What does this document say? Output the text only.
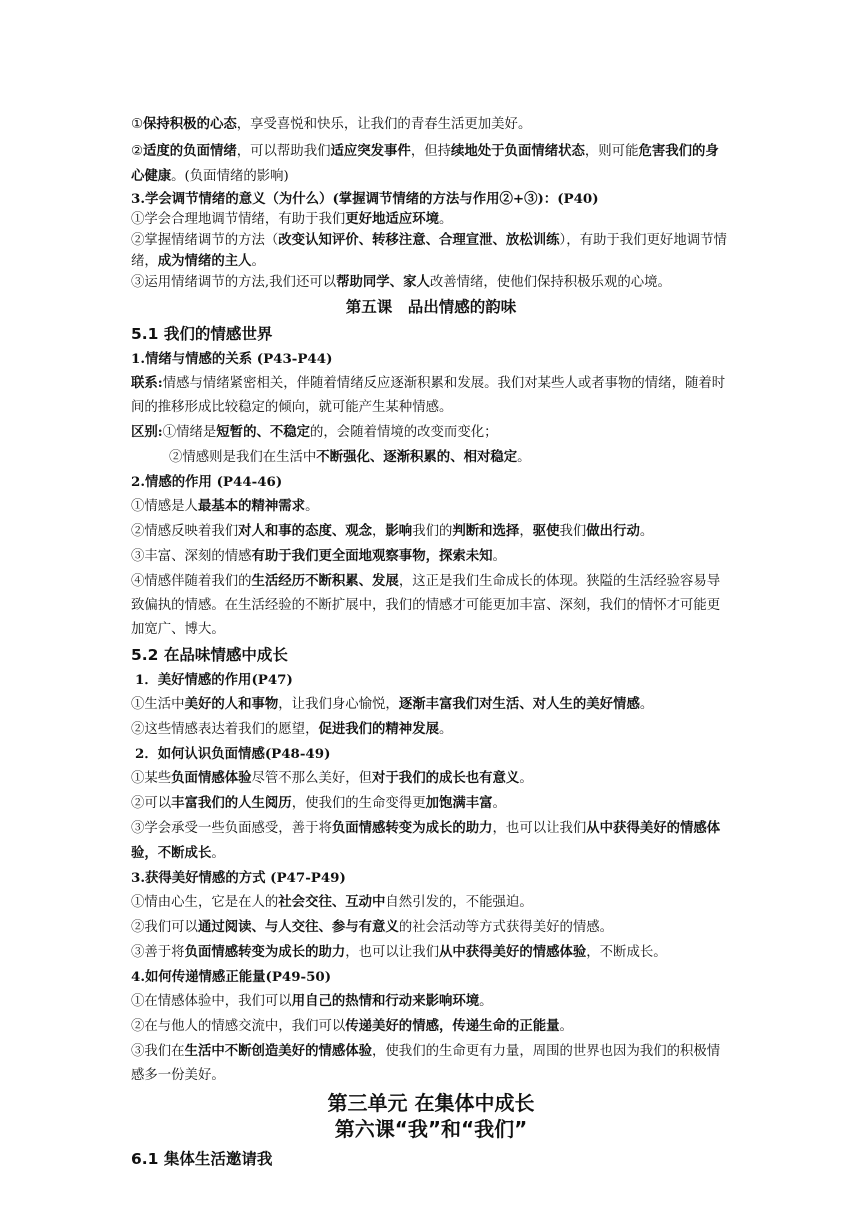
①保持积极的心态，享受喜悦和快乐，让我们的青春生活更加美好。

②适度的负面情绪，可以帮助我们适应突发事件，但持续地处于负面情绪状态，则可能危害我们的身心健康。(负面情绪的影响)

3.学会调节情绪的意义（为什么）(掌握调节情绪的方法与作用②+③)：(P40)

①学会合理地调节情绪，有助于我们更好地适应环境。

②掌握情绪调节的方法（改变认知评价、转移注意、合理宣泄、放松训练），有助于我们更好地调节情绪，成为情绪的主人。

③运用情绪调节的方法,我们还可以帮助同学、家人改善情绪，使他们保持积极乐观的心境。

第五课　品出情感的韵味

5.1 我们的情感世界

1.情绪与情感的关系 (P43-P44)

联系:情感与情绪紧密相关，伴随着情绪反应逐渐积累和发展。我们对某些人或者事物的情绪，随着时间的推移形成比较稳定的倾向，就可能产生某种情感。

区别:①情绪是短暂的、不稳定的，会随着情境的改变而变化；

②情感则是我们在生活中不断强化、逐渐积累的、相对稳定。

2.情感的作用 (P44-46)

①情感是人最基本的精神需求。

②情感反映着我们对人和事的态度、观念，影响我们的判断和选择，驱使我们做出行动。

③丰富、深刻的情感有助于我们更全面地观察事物，探索未知。

④情感伴随着我们的生活经历不断积累、发展，这正是我们生命成长的体现。狭隘的生活经验容易导致偏执的情感。在生活经验的不断扩展中，我们的情感才可能更加丰富、深刻，我们的情怀才可能更加宽广、博大。

5.2 在品味情感中成长

1．美好情感的作用(P47)

①生活中美好的人和事物，让我们身心愉悦，逐渐丰富我们对生活、对人生的美好情感。

②这些情感表达着我们的愿望，促进我们的精神发展。

2．如何认识负面情感(P48-49)

①某些负面情感体验尽管不那么美好，但对于我们的成长也有意义。

②可以丰富我们的人生阅历，使我们的生命变得更加饱满丰富。

③学会承受一些负面感受，善于将负面情感转变为成长的助力，也可以让我们从中获得美好的情感体验，不断成长。

3.获得美好情感的方式 (P47-P49)

①情由心生，它是在人的社会交往、互动中自然引发的，不能强迫。

②我们可以通过阅读、与人交往、参与有意义的社会活动等方式获得美好的情感。

③善于将负面情感转变为成长的助力，也可以让我们从中获得美好的情感体验，不断成长。

4.如何传递情感正能量(P49-50)

①在情感体验中，我们可以用自己的热情和行动来影响环境。

②在与他人的情感交流中，我们可以传递美好的情感，传递生命的正能量。

③我们在生活中不断创造美好的情感体验，使我们的生命更有力量，周围的世界也因为我们的积极情感多一份美好。

第三单元 在集体中成长

第六课“我”和“我们”

6.1 集体生活邀请我
